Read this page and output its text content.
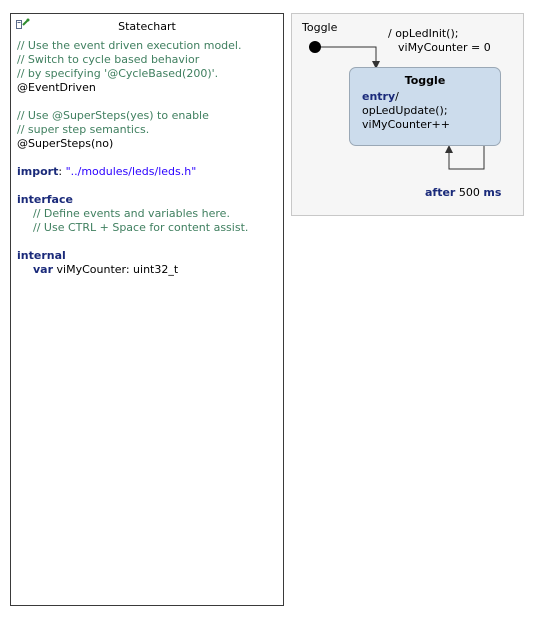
Statechart
// Use the event driven execution model.
// Switch to cycle based behavior
// by specifying '@CycleBased(200)'.
@EventDriven
// Use @SuperSteps(yes) to enable
// super step semantics.
@SuperSteps(no)
import: "../modules/leds/leds.h"
interface
// Define events and variables here.
// Use CTRL + Space for content assist.
internal
var viMyCounter: uint32_t
Toggle	/ opLedInit();
viMyCounter = 0
Toggle
entry/
opLedUpdate();
viMyCounter++
after 500 ms
